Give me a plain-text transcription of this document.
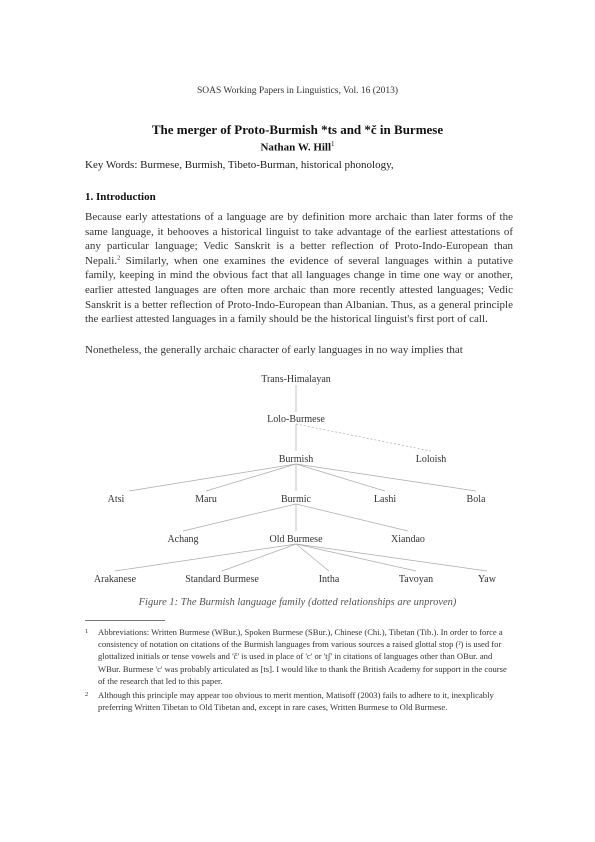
SOAS Working Papers in Linguistics, Vol. 16 (2013)
The merger of Proto-Burmish *ts and *č in Burmese
Nathan W. Hill$^1$
Key Words: Burmese, Burmish, Tibeto-Burman, historical phonology,
1. Introduction
Because early attestations of a language are by definition more archaic than later forms of the same language, it behooves a historical linguist to take advantage of the earliest attestations of any particular language; Vedic Sanskrit is a better reflection of Proto-Indo-European than Nepali.$^2$ Similarly, when one examines the evidence of several languages within a putative family, keeping in mind the obvious fact that all languages change in time one way or another, earlier attested languages are often more archaic than more recently attested languages; Vedic Sanskrit is a better reflection of Proto-Indo-European than Albanian. Thus, as a general principle the earliest attested languages in a family should be the historical linguist's first port of call.
Nonetheless, the generally archaic character of early languages in no way implies that
Trans-Himalayan
Lolo-Burmese
Burmish	Loloish
Atsi	Maru	Burmic	Lashi	Bola
Achang	Old Burmese	Xiandao
Arakanese	Standard Burmese	Intha	Tavoyan	Yaw
Figure 1: The Burmish language family (dotted relationships are unproven)
1 Abbreviations: Written Burmese (WBur.), Spoken Burmese (SBur.), Chinese (Chi.), Tibetan (Tib.). In order to force a consistency of notation on citations of the Burmish languages from various sources a raised glottal stop (ˀ) is used for glottalized initials or tense vowels and 'č' is used in place of 'c' or 'tʃ' in citations of languages other than OBur. and WBur. Burmese 'c' was probably articulated as [ts]. I would like to thank the British Academy for support in the course of the research that led to this paper.
2 Although this principle may appear too obvious to merit mention, Matisoff (2003) fails to adhere to it, inexplicably preferring Written Tibetan to Old Tibetan and, except in rare cases, Written Burmese to Old Burmese.
